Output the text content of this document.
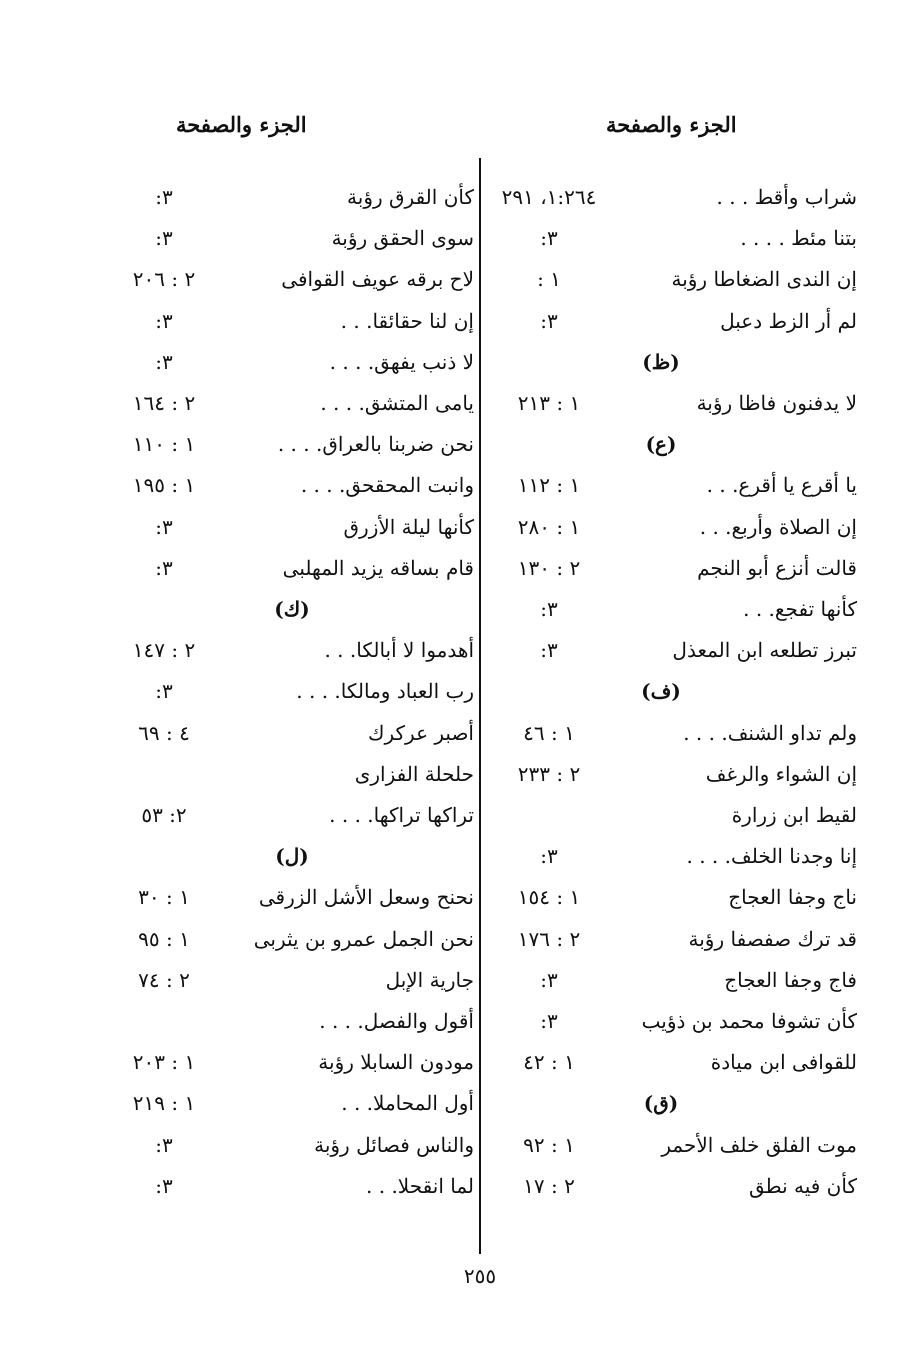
الجزء والصفحة
الجزء والصفحة
شراب وأقط . . .
١:٢٦٤، ٢٩١
بتنا مئط . . . .
٣:
إن الندى الضغاطا رؤبة
١ :
لم أر الزط دعبل
٣:
(ظ)
لا يدفنون فاظا رؤبة
١ : ٢١٣
(ع)
يا أقرع يا أقرع. . .
١ : ١١٢
إن الصلاة وأربع. . .
١ : ٢٨٠
قالت أنزع أبو النجم
٢ : ١٣٠
كأنها تفجع. . .
٣:
تبرز تطلعه ابن المعذل
٣:
(ف)
ولم تداو الشنف. . . .
١ : ٤٦
إن الشواء والرغف
٢ : ٢٣٣
لقيط ابن زرارة
إنا وجدنا الخلف. . . .
٣:
ناج وجفا العجاج
١ : ١٥٤
قد ترك صفصفا رؤبة
٢ : ١٧٦
فاج وجفا العجاج
٣:
كأن تشوفا محمد بن ذؤيب
٣:
للقوافى ابن ميادة
١ : ٤٢
(ق)
موت الفلق خلف الأحمر
١ : ٩٢
كأن فيه نطق
٢ : ١٧
كأن القرق رؤبة
٣:
سوى الحقق رؤبة
٣:
لاح برقه عويف القوافى
٢ : ٢٠٦
إن لنا حقائقا. . .
٣:
لا ذنب يفهق. . . .
٣:
يامى المتشق. . . .
٢ : ١٦٤
نحن ضربنا بالعراق. . . .
١ : ١١٠
وانبت المحقحق. . . .
١ : ١٩٥
كأنها ليلة الأزرق
٣:
قام بساقه يزيد المهلبى
٣:
(ك)
أهدموا لا أبالكا. . .
٢ : ١٤٧
رب العباد ومالكا. . . .
٣:
أصبر عركرك
٤ : ٦٩
حلحلة الفزارى
تراكها تراكها. . . .
٢: ٥٣
(ل)
نحنح وسعل الأشل الزرقى
١ : ٣٠
نحن الجمل عمرو بن يثربى
١ : ٩٥
جارية الإبل
٢ : ٧٤
أقول والفصل. . . .
مودون السابلا رؤبة
١ : ٢٠٣
أول المحاملا. . .
١ : ٢١٩
والناس فصائل رؤبة
٣:
لما انقحلا. . .
٣:
٢٥٥
